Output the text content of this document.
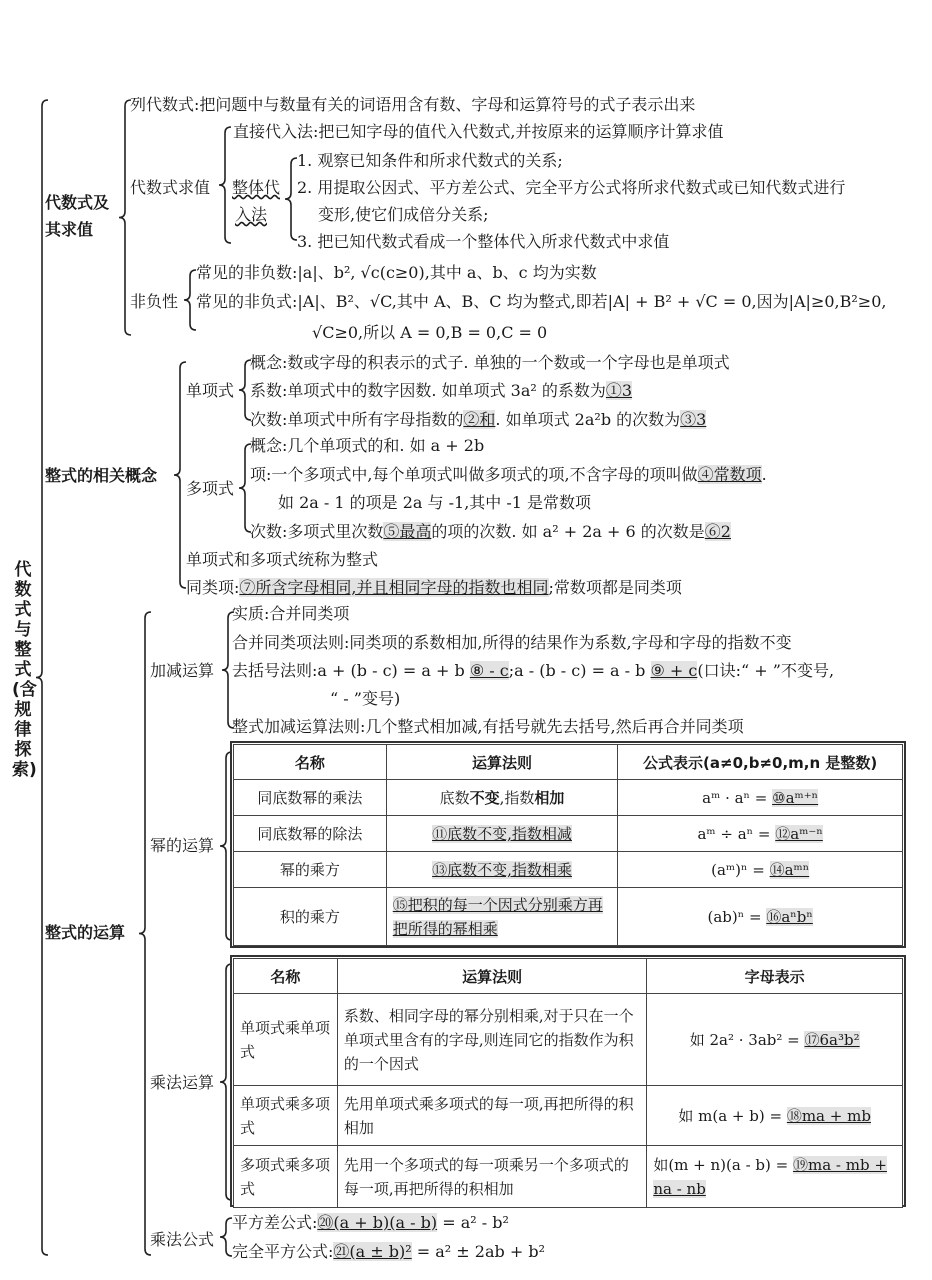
代数式与整式(含规律探索)
代数式及
其求值
列代数式:把问题中与数量有关的词语用含有数、字母和运算符号的式子表示出来
代数式求值
直接代入法:把已知字母的值代入代数式,并按原来的运算顺序计算求值
整体代
入法
1. 观察已知条件和所求代数式的关系;
2. 用提取公因式、平方差公式、完全平方公式将所求代数式或已知代数式进行
变形,使它们成倍分关系;
3. 把已知代数式看成一个整体代入所求代数式中求值
非负性
常见的非负数:|a|、b², √c(c≥0),其中 a、b、c 均为实数
常见的非负式:|A|、B²、√C,其中 A、B、C 均为整式,即若|A| + B² + √C = 0,因为|A|≥0,B²≥0,
√C≥0,所以 A = 0,B = 0,C = 0
整式的相关概念
单项式
概念:数或字母的积表示的式子. 单独的一个数或一个字母也是单项式
系数:单项式中的数字因数. 如单项式 3a² 的系数为①3
次数:单项式中所有字母指数的②和. 如单项式 2a²b 的次数为③3
多项式
概念:几个单项式的和. 如 a + 2b
项:一个多项式中,每个单项式叫做多项式的项,不含字母的项叫做④常数项.
如 2a - 1 的项是 2a 与 -1,其中 -1 是常数项
次数:多项式里次数⑤最高的项的次数. 如 a² + 2a + 6 的次数是⑥2
单项式和多项式统称为整式
同类项:⑦所含字母相同,并且相同字母的指数也相同;常数项都是同类项
整式的运算
加减运算
实质:合并同类项
合并同类项法则:同类项的系数相加,所得的结果作为系数,字母和字母的指数不变
去括号法则:a + (b - c) = a + b ⑧ - c;a - (b - c) = a - b ⑨ + c(口诀:“ + ”不变号,
“ - ”变号)
整式加减运算法则:几个整式相加减,有括号就先去括号,然后再合并同类项
幂的运算
名称	运算法则	公式表示(a≠0,b≠0,m,n 是整数)
同底数幂的乘法	底数不变,指数相加	aᵐ · aⁿ = ⑩aᵐ⁺ⁿ
同底数幂的除法	⑪底数不变,指数相减	aᵐ ÷ aⁿ = ⑫aᵐ⁻ⁿ
幂的乘方	⑬底数不变,指数相乘	(aᵐ)ⁿ = ⑭aᵐⁿ
积的乘方	⑮把积的每一个因式分别乘方再把所得的幂相乘	(ab)ⁿ = ⑯aⁿbⁿ
乘法运算
名称	运算法则	字母表示
单项式乘单项式	系数、相同字母的幂分别相乘,对于只在一个单项式里含有的字母,则连同它的指数作为积的一个因式	如 2a² · 3ab² = ⑰6a³b²
单项式乘多项式	先用单项式乘多项式的每一项,再把所得的积相加	如 m(a + b) = ⑱ma + mb
多项式乘多项式	先用一个多项式的每一项乘另一个多项式的每一项,再把所得的积相加	如(m + n)(a - b) = ⑲ma - mb + na - nb
乘法公式
平方差公式:⑳(a + b)(a - b) = a² - b²
完全平方公式:㉑(a ± b)² = a² ± 2ab + b²
